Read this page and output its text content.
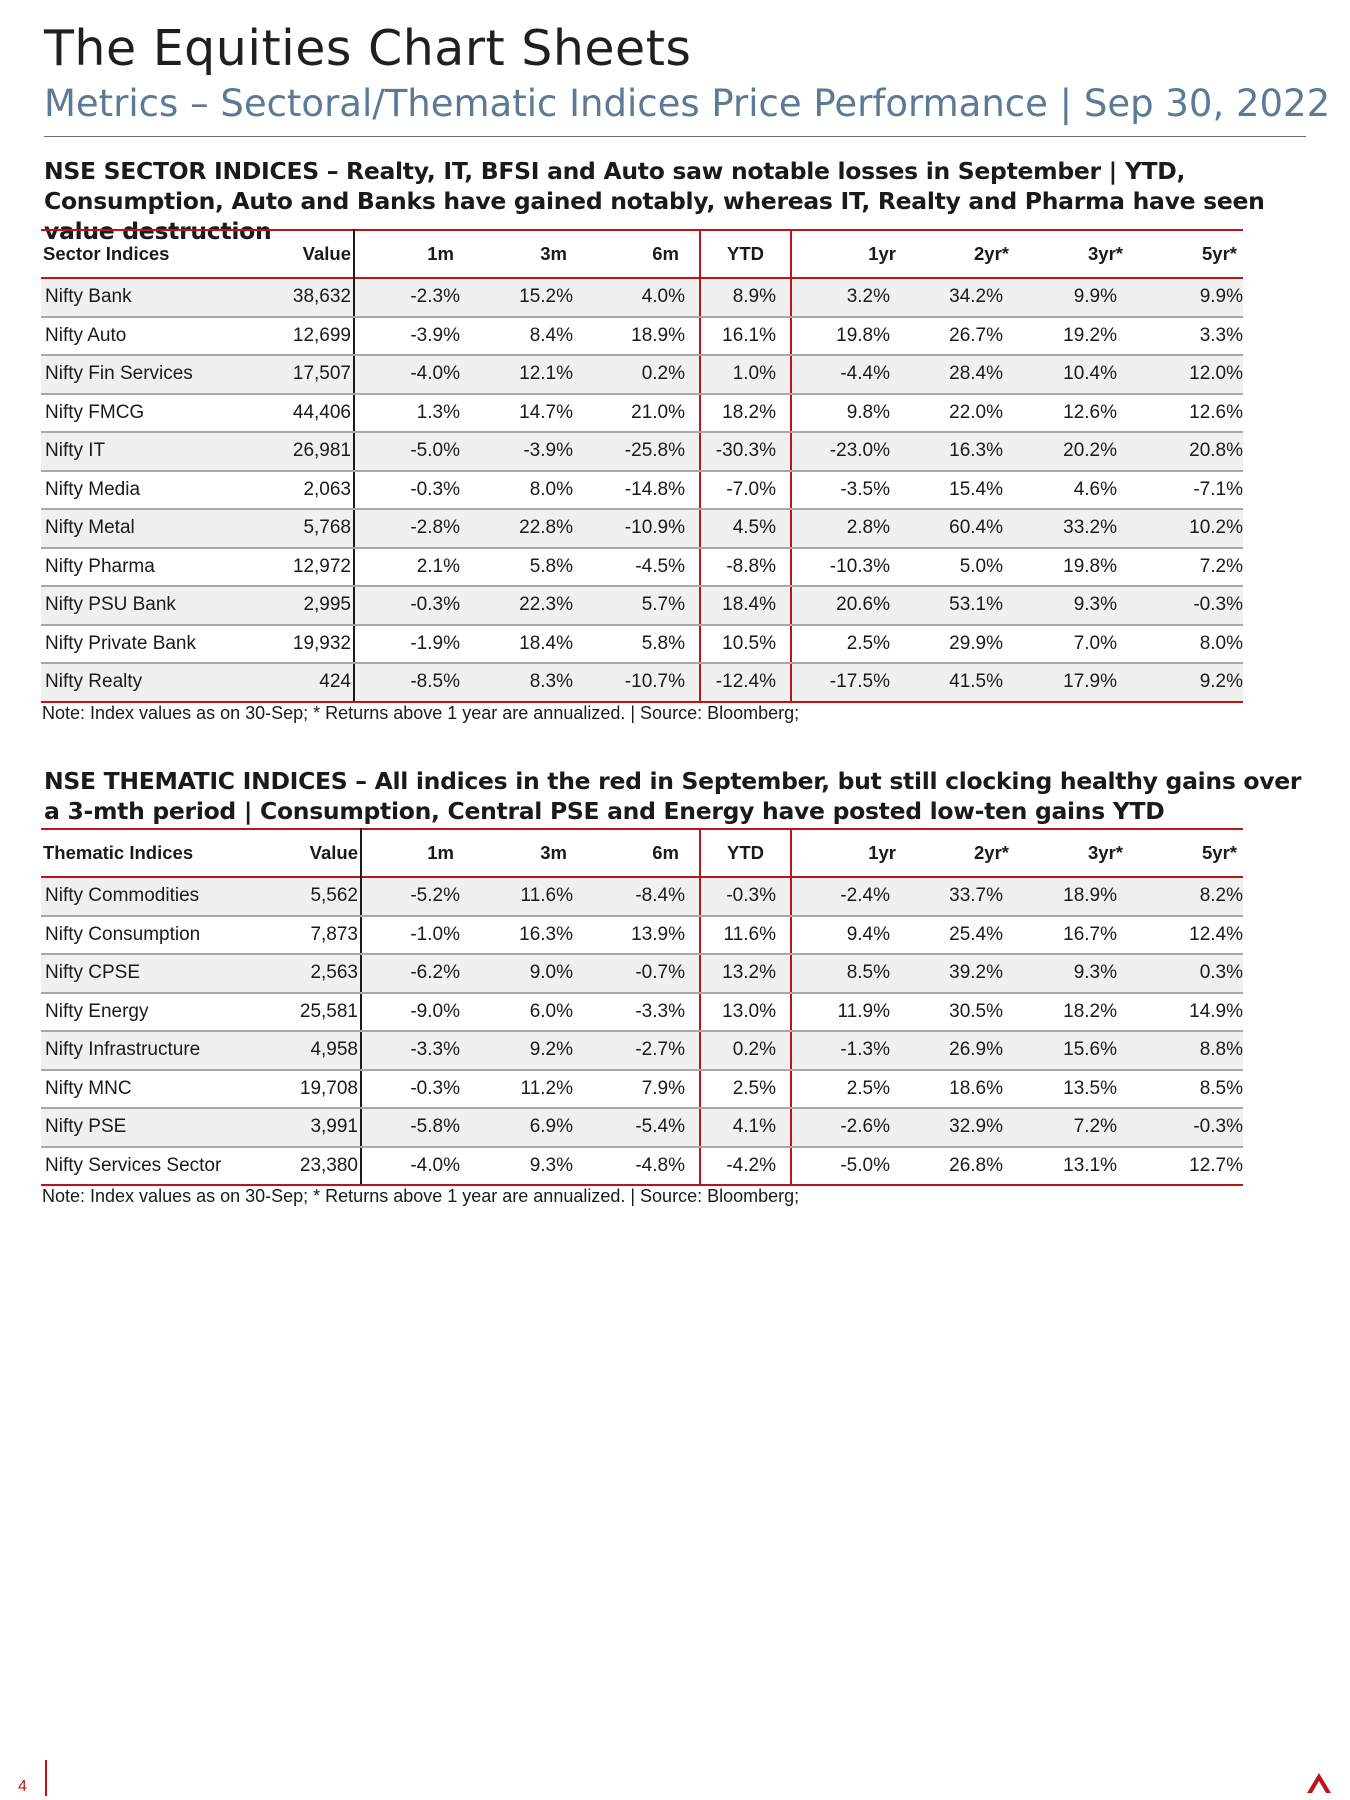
The Equities Chart Sheets
Metrics – Sectoral/Thematic Indices Price Performance | Sep 30, 2022
NSE SECTOR INDICES – Realty, IT, BFSI and Auto saw notable losses in September | YTD, Consumption, Auto and Banks have gained notably, whereas IT, Realty and Pharma have seen value destruction
Sector Indices	Value	1m	3m	6m	YTD	1yr	2yr*	3yr*	5yr*
Nifty Bank	38,632	-2.3%	15.2%	4.0%	8.9%	3.2%	34.2%	9.9%	9.9%
Nifty Auto	12,699	-3.9%	8.4%	18.9%	16.1%	19.8%	26.7%	19.2%	3.3%
Nifty Fin Services	17,507	-4.0%	12.1%	0.2%	1.0%	-4.4%	28.4%	10.4%	12.0%
Nifty FMCG	44,406	1.3%	14.7%	21.0%	18.2%	9.8%	22.0%	12.6%	12.6%
Nifty IT	26,981	-5.0%	-3.9%	-25.8%	-30.3%	-23.0%	16.3%	20.2%	20.8%
Nifty Media	2,063	-0.3%	8.0%	-14.8%	-7.0%	-3.5%	15.4%	4.6%	-7.1%
Nifty Metal	5,768	-2.8%	22.8%	-10.9%	4.5%	2.8%	60.4%	33.2%	10.2%
Nifty Pharma	12,972	2.1%	5.8%	-4.5%	-8.8%	-10.3%	5.0%	19.8%	7.2%
Nifty PSU Bank	2,995	-0.3%	22.3%	5.7%	18.4%	20.6%	53.1%	9.3%	-0.3%
Nifty Private Bank	19,932	-1.9%	18.4%	5.8%	10.5%	2.5%	29.9%	7.0%	8.0%
Nifty Realty	424	-8.5%	8.3%	-10.7%	-12.4%	-17.5%	41.5%	17.9%	9.2%
Note: Index values as on 30-Sep; * Returns above 1 year are annualized. | Source: Bloomberg;
NSE THEMATIC INDICES – All indices in the red in September, but still clocking healthy gains over a 3-mth period | Consumption, Central PSE and Energy have posted low-ten gains YTD
Thematic Indices	Value	1m	3m	6m	YTD	1yr	2yr*	3yr*	5yr*
Nifty Commodities	5,562	-5.2%	11.6%	-8.4%	-0.3%	-2.4%	33.7%	18.9%	8.2%
Nifty Consumption	7,873	-1.0%	16.3%	13.9%	11.6%	9.4%	25.4%	16.7%	12.4%
Nifty CPSE	2,563	-6.2%	9.0%	-0.7%	13.2%	8.5%	39.2%	9.3%	0.3%
Nifty Energy	25,581	-9.0%	6.0%	-3.3%	13.0%	11.9%	30.5%	18.2%	14.9%
Nifty Infrastructure	4,958	-3.3%	9.2%	-2.7%	0.2%	-1.3%	26.9%	15.6%	8.8%
Nifty MNC	19,708	-0.3%	11.2%	7.9%	2.5%	2.5%	18.6%	13.5%	8.5%
Nifty PSE	3,991	-5.8%	6.9%	-5.4%	4.1%	-2.6%	32.9%	7.2%	-0.3%
Nifty Services Sector	23,380	-4.0%	9.3%	-4.8%	-4.2%	-5.0%	26.8%	13.1%	12.7%
Note: Index values as on 30-Sep; * Returns above 1 year are annualized. | Source: Bloomberg;
4
